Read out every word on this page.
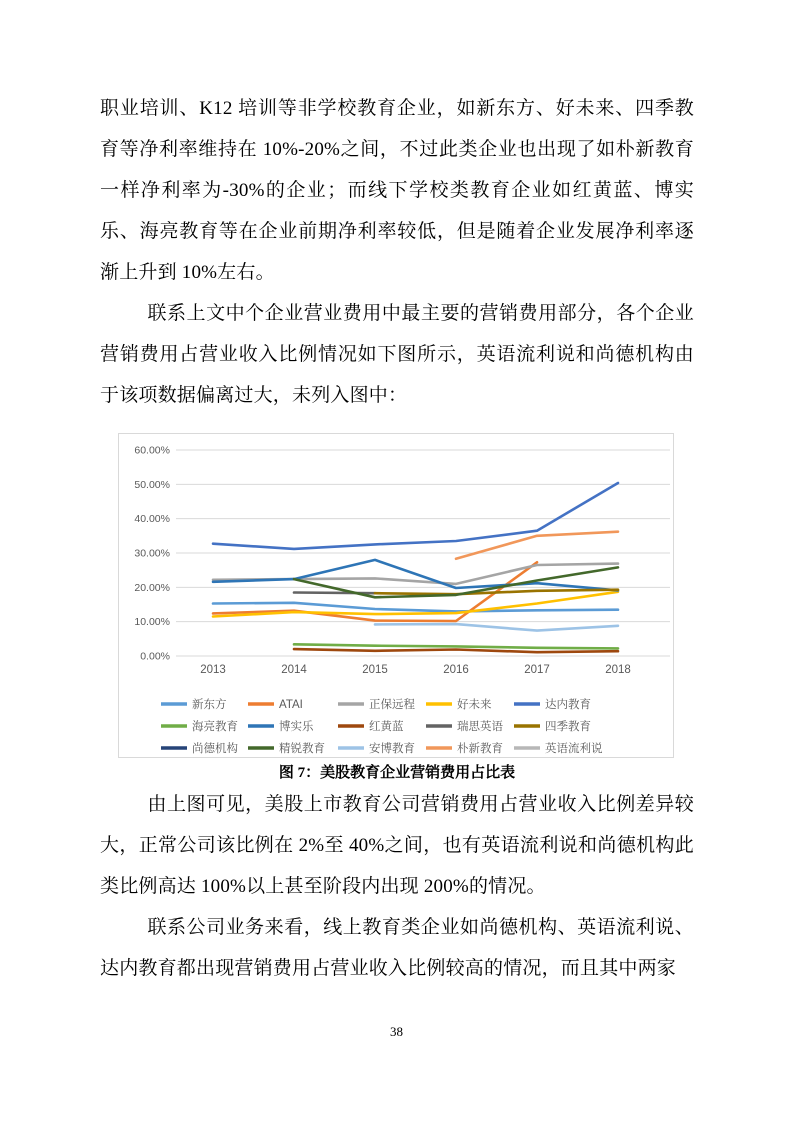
职业培训、K12 培训等非学校教育企业，如新东方、好未来、四季教育等净利率维持在 10%-20%之间，不过此类企业也出现了如朴新教育一样净利率为-30%的企业；而线下学校类教育企业如红黄蓝、博实乐、海亮教育等在企业前期净利率较低，但是随着企业发展净利率逐渐上升到 10%左右。

联系上文中个企业营业费用中最主要的营销费用部分，各个企业营销费用占营业收入比例情况如下图所示，英语流利说和尚德机构由于该项数据偏离过大，未列入图中：

0.00%
10.00%
20.00%
30.00%
40.00%
50.00%
60.00%
2013	2014	2015	2016	2017	2018
新东方	ATAI	正保远程	好未来	达内教育
海亮教育	博实乐	红黄蓝	瑞思英语	四季教育
尚德机构	精锐教育	安博教育	朴新教育	英语流利说

图 7：美股教育企业营销费用占比表

由上图可见，美股上市教育公司营销费用占营业收入比例差异较大，正常公司该比例在 2%至 40%之间，也有英语流利说和尚德机构此类比例高达 100%以上甚至阶段内出现 200%的情况。

联系公司业务来看，线上教育类企业如尚德机构、英语流利说、达内教育都出现营销费用占营业收入比例较高的情况，而且其中两家

38
